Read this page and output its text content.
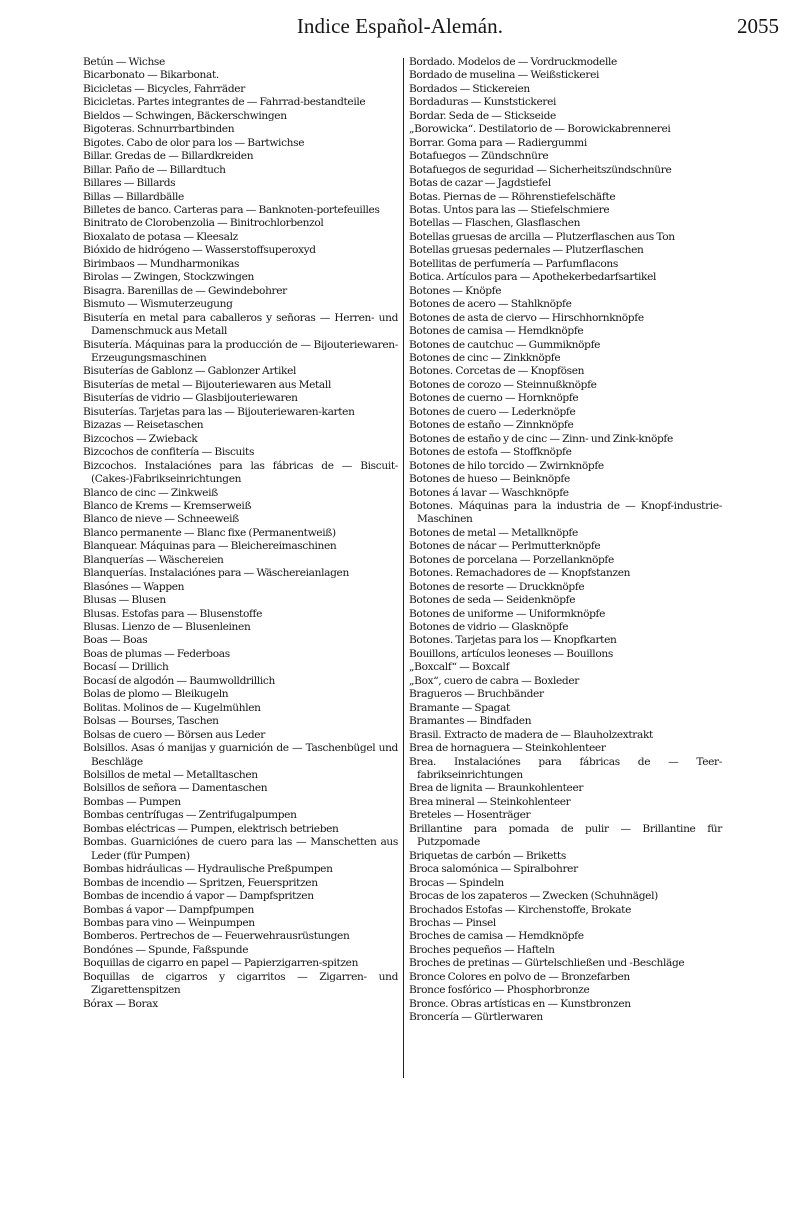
Indice Español-Alemán.	2055
Betún — Wichse
Bicarbonato — Bikarbonat.
Bicicletas — Bicycles, Fahrräder
Bicicletas. Partes integrantes de — Fahrrad-bestandteile
Bieldos — Schwingen, Bäckerschwingen
Bigoteras. Schnurrbartbinden
Bigotes. Cabo de olor para los — Bartwichse
Billar. Gredas de — Billardkreiden
Billar. Paño de — Billardtuch
Billares — Billards
Billas — Billardbälle
Billetes de banco. Carteras para — Banknoten-portefeuilles
Binitrato de Clorobenzolia — Binitrochlorbenzol
Bioxalato de potasa — Kleesalz
Bióxido de hidrógeno — Wasserstoffsuperoxyd
Birimbaos — Mundharmonikas
Birolas — Zwingen, Stockzwingen
Bisagra. Barenillas de — Gewindebohrer
Bismuto — Wismuterzeugung
Bisutería en metal para caballeros y señoras — Herren- und Damenschmuck aus Metall
Bisutería. Máquinas para la producción de — Bijouteriewaren-Erzeugungsmaschinen
Bisuterías de Gablonz — Gablonzer Artikel
Bisuterías de metal — Bijouteriewaren aus Metall
Bisuterías de vidrio — Glasbijouteriewaren
Bisuterías. Tarjetas para las — Bijouteriewaren-karten
Bizazas — Reisetaschen
Bizcochos — Zwieback
Bizcochos de confitería — Biscuits
Bizcochos. Instalaciónes para las fábricas de — Biscuit-(Cakes-)Fabrikseinrichtungen
Blanco de cinc — Zinkweiß
Blanco de Krems — Kremserweiß
Blanco de nieve — Schneeweiß
Blanco permanente — Blanc fixe (Permanentweiß)
Blanquear. Máquinas para — Bleichereimaschinen
Blanquerías — Wäschereien
Blanquerías. Instalaciónes para — Wäschereianlagen
Blasónes — Wappen
Blusas — Blusen
Blusas. Estofas para — Blusenstoffe
Blusas. Lienzo de — Blusenleinen
Boas — Boas
Boas de plumas — Federboas
Bocasí — Drillich
Bocasí de algodón — Baumwolldrillich
Bolas de plomo — Bleikugeln
Bolitas. Molinos de — Kugelmühlen
Bolsas — Bourses, Taschen
Bolsas de cuero — Börsen aus Leder
Bolsillos. Asas ó manijas y guarnición de — Taschenbügel und Beschläge
Bolsillos de metal — Metalltaschen
Bolsillos de señora — Damentaschen
Bombas — Pumpen
Bombas centrífugas — Zentrifugalpumpen
Bombas eléctricas — Pumpen, elektrisch betrieben
Bombas. Guarniciónes de cuero para las — Manschetten aus Leder (für Pumpen)
Bombas hidráulicas — Hydraulische Preßpumpen
Bombas de incendio — Spritzen, Feuerspritzen
Bombas de incendio á vapor — Dampfspritzen
Bombas á vapor — Dampfpumpen
Bombas para vino — Weinpumpen
Bomberos. Pertrechos de — Feuerwehrausrüstungen
Bondónes — Spunde, Faßspunde
Boquillas de cigarro en papel — Papierzigarren-spitzen
Boquillas de cigarros y cigarritos — Zigarren- und Zigarettenspitzen
Bórax — Borax
Bordado. Modelos de — Vordruckmodelle
Bordado de muselina — Weißstickerei
Bordados — Stickereien
Bordaduras — Kunststickerei
Bordar. Seda de — Stickseide
„Borowicka“. Destilatorio de — Borowickabrennerei
Borrar. Goma para — Radiergummi
Botafuegos — Zündschnüre
Botafuegos de seguridad — Sicherheitszündschnüre
Botas de cazar — Jagdstiefel
Botas. Piernas de — Röhrenstiefelschäfte
Botas. Untos para las — Stiefelschmiere
Botellas — Flaschen, Glasflaschen
Botellas gruesas de arcilla — Plutzerflaschen aus Ton
Botellas gruesas pedernales — Plutzerflaschen
Botellitas de perfumería — Parfumflacons
Botica. Artículos para — Apothekerbedarfsartikel
Botones — Knöpfe
Botones de acero — Stahlknöpfe
Botones de asta de ciervo — Hirschhornknöpfe
Botones de camisa — Hemdknöpfe
Botones de cautchuc — Gummiknöpfe
Botones de cinc — Zinkknöpfe
Botones. Corcetas de — Knopfösen
Botones de corozo — Steinnußknöpfe
Botones de cuerno — Hornknöpfe
Botones de cuero — Lederknöpfe
Botones de estaño — Zinnknöpfe
Botones de estaño y de cinc — Zinn- und Zink-knöpfe
Botones de estofa — Stoffknöpfe
Botones de hilo torcido — Zwirnknöpfe
Botones de hueso — Beinknöpfe
Botones á lavar — Waschknöpfe
Botones. Máquinas para la industria de — Knopf-industrie-Maschinen
Botones de metal — Metallknöpfe
Botones de nácar — Perlmutterknöpfe
Botones de porcelana — Porzellanknöpfe
Botones. Remachadores de — Knopfstanzen
Botones de resorte — Druckknöpfe
Botones de seda — Seidenknöpfe
Botones de uniforme — Uniformknöpfe
Botones de vidrio — Glasknöpfe
Botones. Tarjetas para los — Knopfkarten
Bouillons, artículos leoneses — Bouillons
„Boxcalf“ — Boxcalf
„Box“, cuero de cabra — Boxleder
Bragueros — Bruchbänder
Bramante — Spagat
Bramantes — Bindfaden
Brasil. Extracto de madera de — Blauholzextrakt
Brea de hornaguera — Steinkohlenteer
Brea. Instalaciónes para fábricas de — Teer-fabrikseinrichtungen
Brea de lignita — Braunkohlenteer
Brea mineral — Steinkohlenteer
Breteles — Hosenträger
Brillantine para pomada de pulir — Brillantine für Putzpomade
Briquetas de carbón — Briketts
Broca salomónica — Spiralbohrer
Brocas — Spindeln
Brocas de los zapateros — Zwecken (Schuhnägel)
Brochados Estofas — Kirchenstoffe, Brokate
Brochas — Pinsel
Broches de camisa — Hemdknöpfe
Broches pequeños — Hafteln
Broches de pretinas — Gürtelschließen und -Beschläge
Bronce Colores en polvo de — Bronzefarben
Bronce fosfórico — Phosphorbronze
Bronce. Obras artísticas en — Kunstbronzen
Broncería — Gürtlerwaren
